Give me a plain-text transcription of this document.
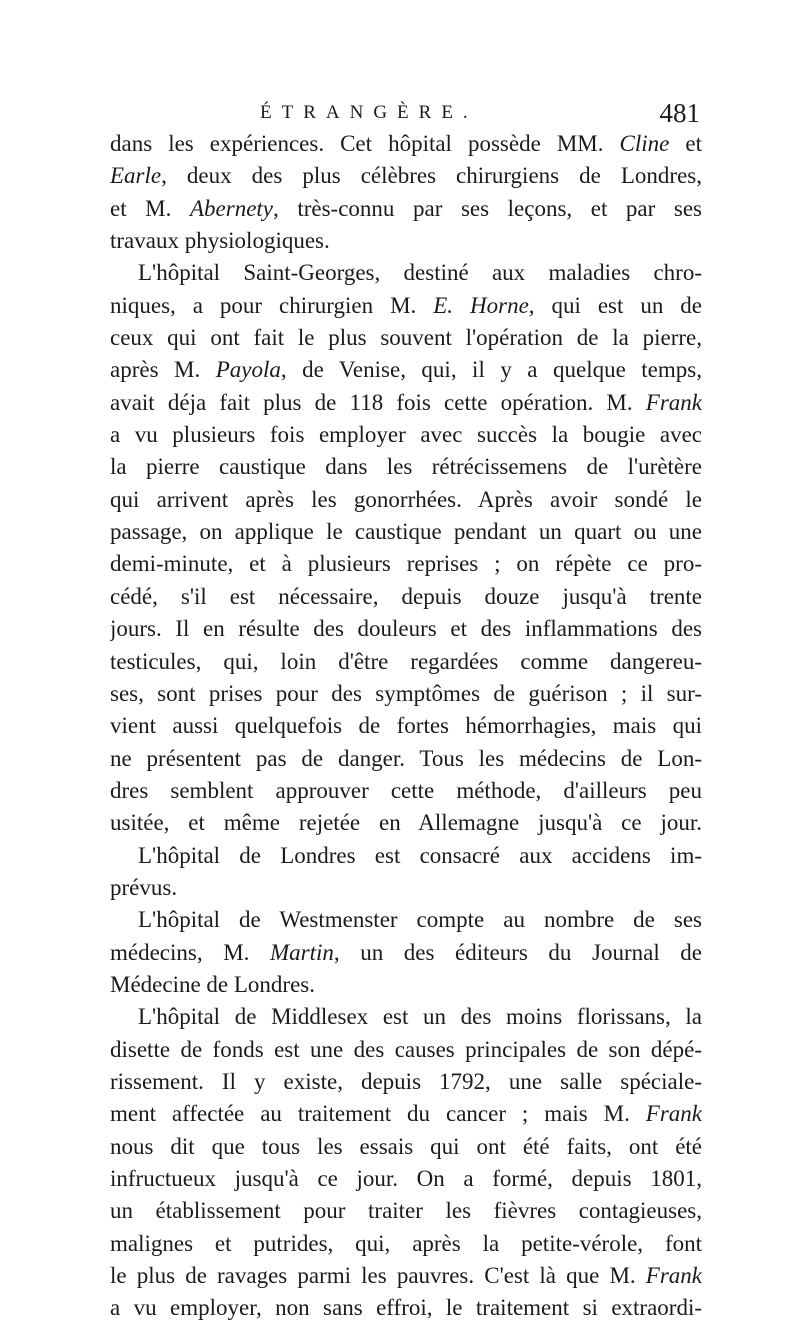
ÉTRANGÈRE.	481
dans les expériences. Cet hôpital possède MM. Cline et
Earle, deux des plus célèbres chirurgiens de Londres,
et M. Abernety, très-connu par ses leçons, et par ses
travaux physiologiques.
L'hôpital Saint-Georges, destiné aux maladies chro-
niques, a pour chirurgien M. E. Horne, qui est un de
ceux qui ont fait le plus souvent l'opération de la pierre,
après M. Payola, de Venise, qui, il y a quelque temps,
avait déja fait plus de 118 fois cette opération. M. Frank
a vu plusieurs fois employer avec succès la bougie avec
la pierre caustique dans les rétrécissemens de l'urètère
qui arrivent après les gonorrhées. Après avoir sondé le
passage, on applique le caustique pendant un quart ou une
demi-minute, et à plusieurs reprises ; on répète ce pro-
cédé, s'il est nécessaire, depuis douze jusqu'à trente
jours. Il en résulte des douleurs et des inflammations des
testicules, qui, loin d'être regardées comme dangereu-
ses, sont prises pour des symptômes de guérison ; il sur-
vient aussi quelquefois de fortes hémorrhagies, mais qui
ne présentent pas de danger. Tous les médecins de Lon-
dres semblent approuver cette méthode, d'ailleurs peu
usitée, et même rejetée en Allemagne jusqu'à ce jour.
L'hôpital de Londres est consacré aux accidens im-
prévus.
L'hôpital de Westmenster compte au nombre de ses
médecins, M. Martin, un des éditeurs du Journal de
Médecine de Londres.
L'hôpital de Middlesex est un des moins florissans, la
disette de fonds est une des causes principales de son dépé-
rissement. Il y existe, depuis 1792, une salle spéciale-
ment affectée au traitement du cancer ; mais M. Frank
nous dit que tous les essais qui ont été faits, ont été
infructueux jusqu'à ce jour. On a formé, depuis 1801,
un établissement pour traiter les fièvres contagieuses,
malignes et putrides, qui, après la petite-vérole, font
le plus de ravages parmi les pauvres. C'est là que M. Frank
a vu employer, non sans effroi, le traitement si extraordi-
